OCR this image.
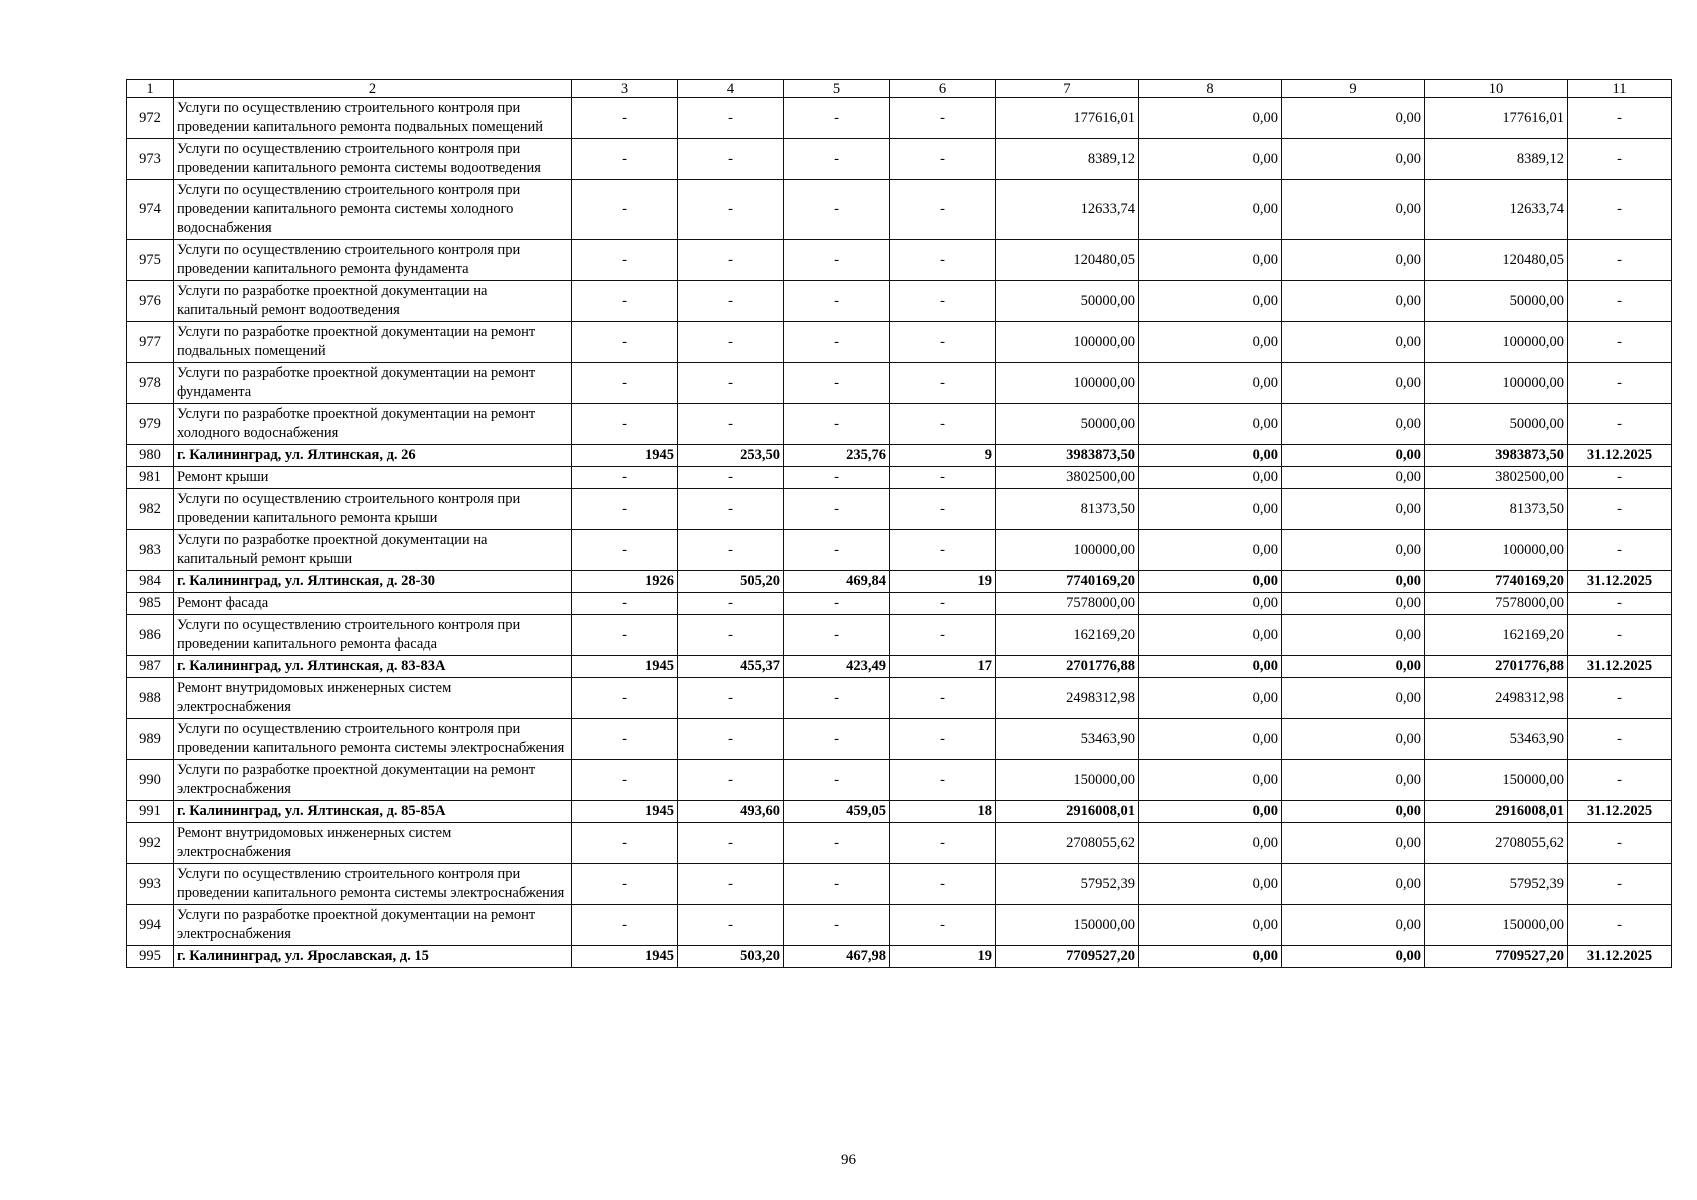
1	2	3	4	5	6	7	8	9	10	11
972	Услуги по осуществлению строительного контроля при проведении капитального ремонта подвальных помещений	-	-	-	-	177616,01	0,00	0,00	177616,01	-
973	Услуги по осуществлению строительного контроля при проведении капитального ремонта системы водоотведения	-	-	-	-	8389,12	0,00	0,00	8389,12	-
974	Услуги по осуществлению строительного контроля при проведении капитального ремонта системы холодного водоснабжения	-	-	-	-	12633,74	0,00	0,00	12633,74	-
975	Услуги по осуществлению строительного контроля при проведении капитального ремонта фундамента	-	-	-	-	120480,05	0,00	0,00	120480,05	-
976	Услуги по разработке проектной документации на капитальный ремонт водоотведения	-	-	-	-	50000,00	0,00	0,00	50000,00	-
977	Услуги по разработке проектной документации на ремонт подвальных помещений	-	-	-	-	100000,00	0,00	0,00	100000,00	-
978	Услуги по разработке проектной документации на ремонт фундамента	-	-	-	-	100000,00	0,00	0,00	100000,00	-
979	Услуги по разработке проектной документации на ремонт холодного водоснабжения	-	-	-	-	50000,00	0,00	0,00	50000,00	-
980	г. Калининград, ул. Ялтинская, д. 26	1945	253,50	235,76	9	3983873,50	0,00	0,00	3983873,50	31.12.2025
981	Ремонт крыши	-	-	-	-	3802500,00	0,00	0,00	3802500,00	-
982	Услуги по осуществлению строительного контроля при проведении капитального ремонта крыши	-	-	-	-	81373,50	0,00	0,00	81373,50	-
983	Услуги по разработке проектной документации на капитальный ремонт крыши	-	-	-	-	100000,00	0,00	0,00	100000,00	-
984	г. Калининград, ул. Ялтинская, д. 28-30	1926	505,20	469,84	19	7740169,20	0,00	0,00	7740169,20	31.12.2025
985	Ремонт фасада	-	-	-	-	7578000,00	0,00	0,00	7578000,00	-
986	Услуги по осуществлению строительного контроля при проведении капитального ремонта фасада	-	-	-	-	162169,20	0,00	0,00	162169,20	-
987	г. Калининград, ул. Ялтинская, д. 83-83А	1945	455,37	423,49	17	2701776,88	0,00	0,00	2701776,88	31.12.2025
988	Ремонт внутридомовых инженерных систем электроснабжения	-	-	-	-	2498312,98	0,00	0,00	2498312,98	-
989	Услуги по осуществлению строительного контроля при проведении капитального ремонта системы электроснабжения	-	-	-	-	53463,90	0,00	0,00	53463,90	-
990	Услуги по разработке проектной документации на ремонт электроснабжения	-	-	-	-	150000,00	0,00	0,00	150000,00	-
991	г. Калининград, ул. Ялтинская, д. 85-85А	1945	493,60	459,05	18	2916008,01	0,00	0,00	2916008,01	31.12.2025
992	Ремонт внутридомовых инженерных систем электроснабжения	-	-	-	-	2708055,62	0,00	0,00	2708055,62	-
993	Услуги по осуществлению строительного контроля при проведении капитального ремонта системы электроснабжения	-	-	-	-	57952,39	0,00	0,00	57952,39	-
994	Услуги по разработке проектной документации на ремонт электроснабжения	-	-	-	-	150000,00	0,00	0,00	150000,00	-
995	г. Калининград, ул. Ярославская, д. 15	1945	503,20	467,98	19	7709527,20	0,00	0,00	7709527,20	31.12.2025
96
